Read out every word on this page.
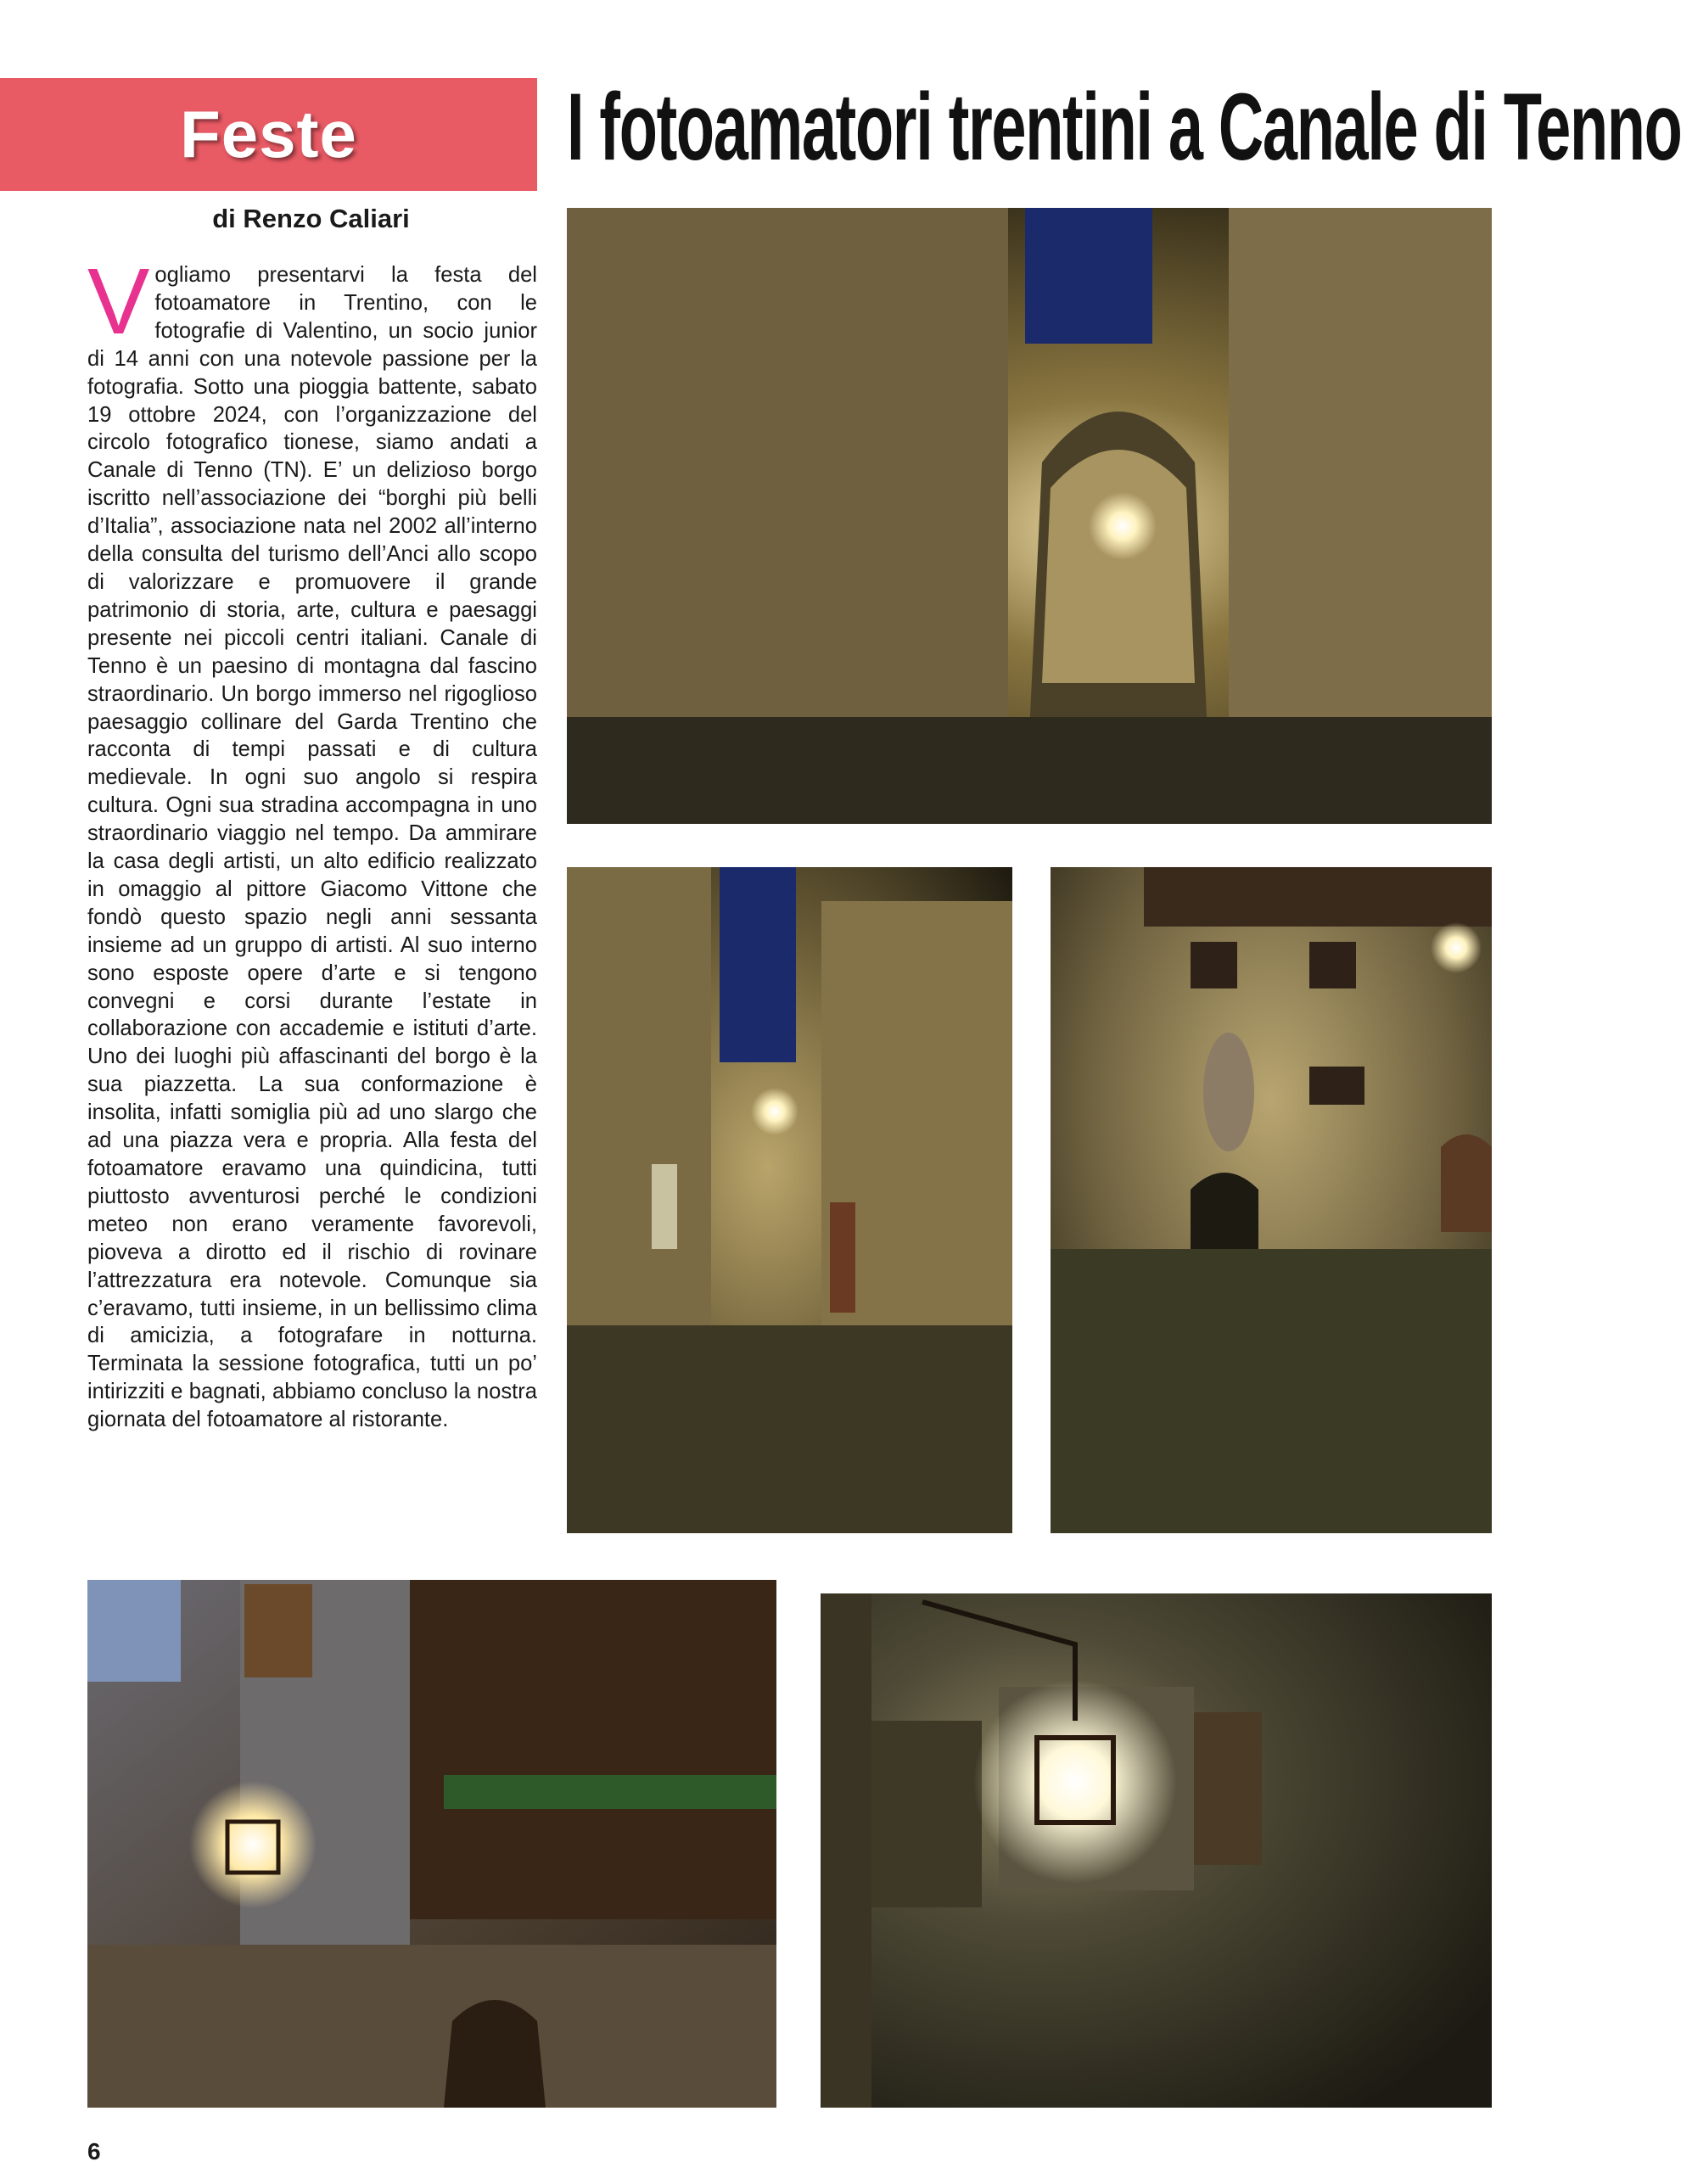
Feste I fotoamatori trentini a Canale di Tenno
di Renzo Caliari
Vogliamo presentarvi la festa del fotoamatore in Trentino, con le fotografie di Valentino, un socio junior di 14 anni con una notevole passione per la fotografia. Sotto una pioggia battente, sabato 19 ottobre 2024, con l’organizzazione del circolo fotografico tionese, siamo andati a Canale di Tenno (TN). E’ un delizioso borgo iscritto nell’associazione dei “borghi più belli d’Italia”, associazione nata nel 2002 all’interno della consulta del turismo dell’Anci allo scopo di valorizzare e promuovere il grande patrimonio di storia, arte, cultura e paesaggi presente nei piccoli centri italiani. Canale di Tenno è un paesino di montagna dal fascino straordinario. Un borgo immerso nel rigoglioso paesaggio collinare del Garda Trentino che racconta di tempi passati e di cultura medievale. In ogni suo angolo si respira cultura. Ogni sua stradina accompagna in uno straordinario viaggio nel tempo. Da ammirare la casa degli artisti, un alto edificio realizzato in omaggio al pittore Giacomo Vittone che fondò questo spazio negli anni sessanta insieme ad un gruppo di artisti. Al suo interno sono esposte opere d’arte e si tengono convegni e corsi durante l’estate in collaborazione con accademie e istituti d’arte. Uno dei luoghi più affascinanti del borgo è la sua piazzetta. La sua conformazione è insolita, infatti somiglia più ad uno slargo che ad una piazza vera e propria. Alla festa del fotoamatore eravamo una quindicina, tutti piuttosto avventurosi perché le condizioni meteo non erano veramente favorevoli, pioveva a dirotto ed il rischio di rovinare l’attrezzatura era notevole. Comunque sia c’eravamo, tutti insieme, in un bellissimo clima di amicizia, a fotografare in notturna. Terminata la sessione fotografica, tutti un po’ intirizziti e bagnati, abbiamo concluso la nostra giornata del fotoamatore al ristorante.
6
